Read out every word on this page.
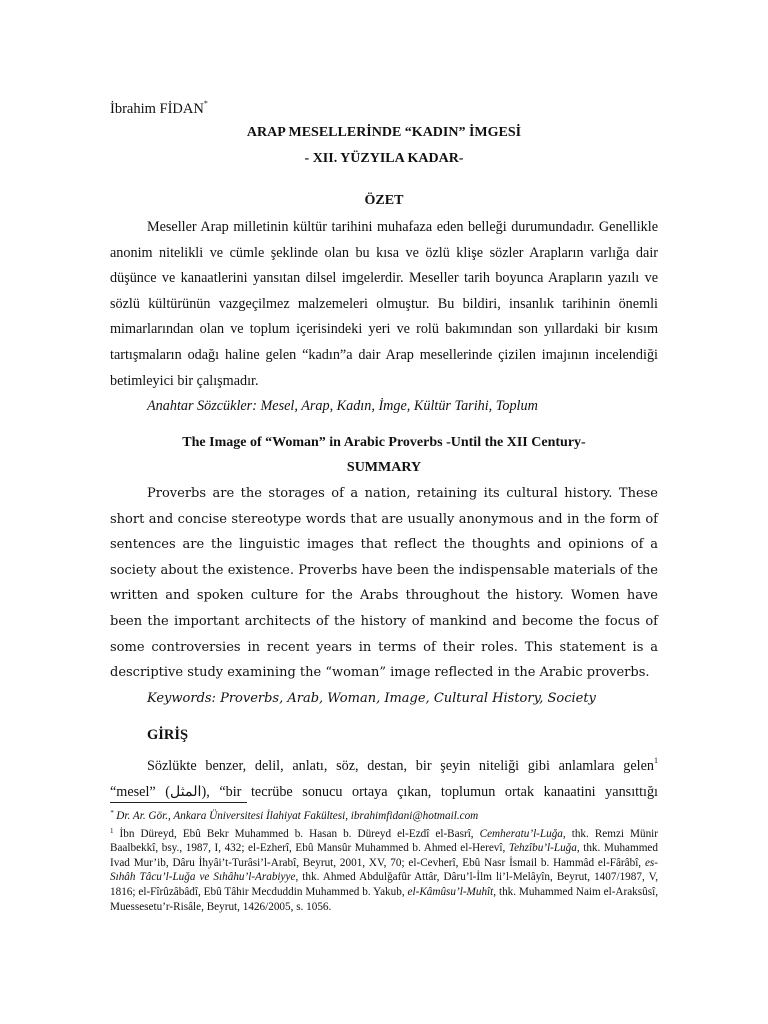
İbrahim FİDAN*
ARAP MESELLERİNDE “KADIN” İMGESİ
- XII. YÜZYILA KADAR-
ÖZET

Meseller Arap milletinin kültür tarihini muhafaza eden belleği durumundadır. Genellikle anonim nitelikli ve cümle şeklinde olan bu kısa ve özlü klişe sözler Arapların varlığa dair düşünce ve kanaatlerini yansıtan dilsel imgelerdir. Meseller tarih boyunca Arapların yazılı ve sözlü kültürünün vazgeçilmez malzemeleri olmuştur. Bu bildiri, insanlık tarihinin önemli mimarlarından olan ve toplum içerisindeki yeri ve rolü bakımından son yıllardaki bir kısım tartışmaların odağı haline gelen “kadın”a dair Arap mesellerinde çizilen imajının incelendiği betimleyici bir çalışmadır.

Anahtar Sözcükler: Mesel, Arap, Kadın, İmge, Kültür Tarihi, Toplum

The Image of “Woman” in Arabic Proverbs -Until the XII Century-
SUMMARY

Proverbs are the storages of a nation, retaining its cultural history. These short and concise stereotype words that are usually anonymous and in the form of sentences are the linguistic images that reflect the thoughts and opinions of a society about the existence. Proverbs have been the indispensable materials of the written and spoken culture for the Arabs throughout the history. Women have been the important architects of the history of mankind and become the focus of some controversies in recent years in terms of their roles. This statement is a descriptive study examining the “woman” image reflected in the Arabic proverbs.

Keywords: Proverbs, Arab, Woman, Image, Cultural History, Society

GİRİŞ

Sözlükte benzer, delil, anlatı, söz, destan, bir şeyin niteliği gibi anlamlara gelen$^1$

“mesel” (المثل), “bir tecrübe sonucu ortaya çıkan, toplumun ortak kanaatini yansıttığı

* Dr. Ar. Gör., Ankara Üniversitesi İlahiyat Fakültesi, ibrahimfidani@hotmail.com

$^1$ İbn Düreyd, Ebû Bekr Muhammed b. Hasan b. Düreyd el-Ezdî el-Basrî, Cemheratu’l-Luğa, thk. Remzi Münir Baalbekkî, bsy., 1987, I, 432; el-Ezherî, Ebû Mansûr Muhammed b. Ahmed el-Herevî, Tehzîbu’l-Luğa, thk. Muhammed Ivad Mur’ib, Dâru İhyâi’t-Turâsi’l-Arabî, Beyrut, 2001, XV, 70; el-Cevherî, Ebû Nasr İsmail b. Hammâd el-Fârâbî, es-Sıhâh Tâcu’l-Luğa ve Sıhâhu’l-Arabiyye, thk. Ahmed Abdulğafûr Attâr, Dâru’l-İlm li’l-Melâyîn, Beyrut, 1407/1987, V, 1816; el-Fîrûzâbâdî, Ebû Tâhir Mecduddin Muhammed b. Yakub, el-Kâmûsu’l-Muhît, thk. Muhammed Naim el-Araksûsî, Muessesetu’r-Risâle, Beyrut, 1426/2005, s. 1056.
